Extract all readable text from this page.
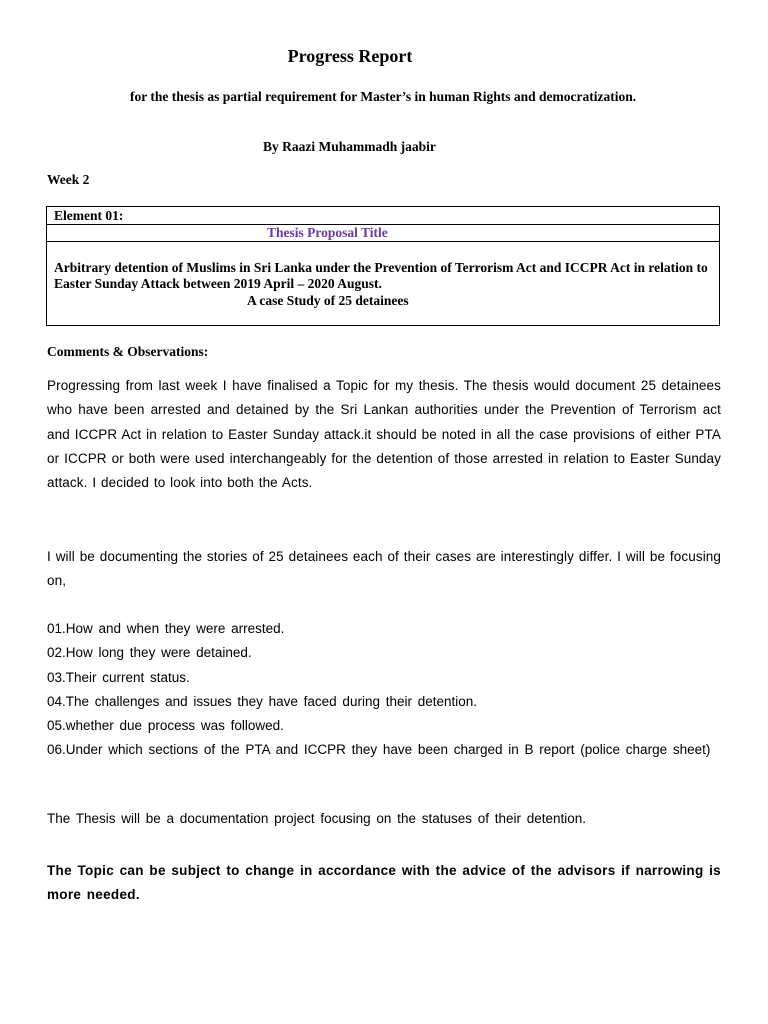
Progress Report
for the thesis as partial requirement for Master’s in human Rights and democratization.
By Raazi Muhammadh jaabir
Week 2
Element 01:
Thesis Proposal Title
Arbitrary detention of Muslims in Sri Lanka under the Prevention of Terrorism Act and ICCPR Act in relation to Easter Sunday Attack between 2019 April – 2020 August.
A case Study of 25 detainees
Comments & Observations:

Progressing from last week I have finalised a Topic for my thesis. The thesis would document 25 detainees who have been arrested and detained by the Sri Lankan authorities under the Prevention of Terrorism act and ICCPR Act in relation to Easter Sunday attack.it should be noted in all the case provisions of either PTA or ICCPR or both were used interchangeably for the detention of those arrested in relation to Easter Sunday attack. I decided to look into both the Acts.

I will be documenting the stories of 25 detainees each of their cases are interestingly differ. I will be focusing on,

01.How and when they were arrested.
02.How long they were detained.
03.Their current status.
04.The challenges and issues they have faced during their detention.
05.whether due process was followed.
06.Under which sections of the PTA and ICCPR they have been charged in B report (police charge sheet)

The Thesis will be a documentation project focusing on the statuses of their detention.

The Topic can be subject to change in accordance with the advice of the advisors if narrowing is more needed.
